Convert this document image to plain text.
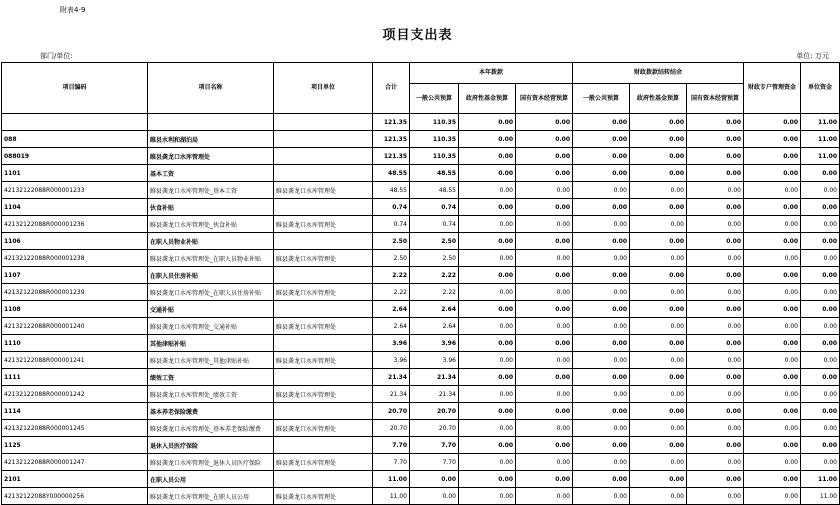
附表4-9
项目支出表
部门/单位:	单位: 万元
项目编码	项目名称	项目单位	合计	本年拨款			财政拨款结转结余			财政专户管理资金	单位资金
				一般公共预算	政府性基金预算	国有资本经营预算	一般公共预算	政府性基金预算	国有资本经营预算		
			121.35	110.35	0.00	0.00	0.00	0.00	0.00	0.00	11.00
088	睢县水利和湖泊局		121.35	110.35	0.00	0.00	0.00	0.00	0.00	0.00	11.00
088019	睢县龚龙口水库管理处		121.35	110.35	0.00	0.00	0.00	0.00	0.00	0.00	11.00
1101	基本工资		48.55	48.55	0.00	0.00	0.00	0.00	0.00	0.00	0.00
42132122088R000001233	睢县龚龙口水库管理处_基本工资	睢县龚龙口水库管理处	48.55	48.55	0.00	0.00	0.00	0.00	0.00	0.00	0.00
1104	伙食补贴		0.74	0.74	0.00	0.00	0.00	0.00	0.00	0.00	0.00
42132122088R000001236	睢县龚龙口水库管理处_伙食补贴	睢县龚龙口水库管理处	0.74	0.74	0.00	0.00	0.00	0.00	0.00	0.00	0.00
1106	在职人员物业补贴		2.50	2.50	0.00	0.00	0.00	0.00	0.00	0.00	0.00
42132122088R000001238	睢县龚龙口水库管理处_在职人员物业补贴	睢县龚龙口水库管理处	2.50	2.50	0.00	0.00	0.00	0.00	0.00	0.00	0.00
1107	在职人员住房补贴		2.22	2.22	0.00	0.00	0.00	0.00	0.00	0.00	0.00
42132122088R000001239	睢县龚龙口水库管理处_在职人员住房补贴	睢县龚龙口水库管理处	2.22	2.22	0.00	0.00	0.00	0.00	0.00	0.00	0.00
1108	交通补贴		2.64	2.64	0.00	0.00	0.00	0.00	0.00	0.00	0.00
42132122088R000001240	睢县龚龙口水库管理处_交通补贴	睢县龚龙口水库管理处	2.64	2.64	0.00	0.00	0.00	0.00	0.00	0.00	0.00
1110	其他津贴补贴		3.96	3.96	0.00	0.00	0.00	0.00	0.00	0.00	0.00
42132122088R000001241	睢县龚龙口水库管理处_其他津贴补贴	睢县龚龙口水库管理处	3.96	3.96	0.00	0.00	0.00	0.00	0.00	0.00	0.00
1111	绩效工资		21.34	21.34	0.00	0.00	0.00	0.00	0.00	0.00	0.00
42132122088R000001242	睢县龚龙口水库管理处_绩效工资	睢县龚龙口水库管理处	21.34	21.34	0.00	0.00	0.00	0.00	0.00	0.00	0.00
1114	基本养老保险缴费		20.70	20.70	0.00	0.00	0.00	0.00	0.00	0.00	0.00
42132122088R000001245	睢县龚龙口水库管理处_基本养老保险缴费	睢县龚龙口水库管理处	20.70	20.70	0.00	0.00	0.00	0.00	0.00	0.00	0.00
1125	退休人员医疗保险		7.70	7.70	0.00	0.00	0.00	0.00	0.00	0.00	0.00
42132122088R000001247	睢县龚龙口水库管理处_退休人员医疗保险	睢县龚龙口水库管理处	7.70	7.70	0.00	0.00	0.00	0.00	0.00	0.00	0.00
2101	在职人员公用		11.00	0.00	0.00	0.00	0.00	0.00	0.00	0.00	11.00
42132122088Y000000256	睢县龚龙口水库管理处_在职人员公用	睢县龚龙口水库管理处	11.00	0.00	0.00	0.00	0.00	0.00	0.00	0.00	11.00
